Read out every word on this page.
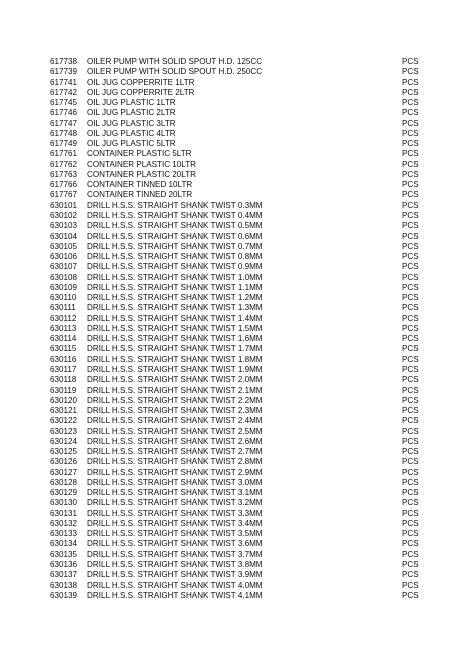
617738 OILER PUMP WITH SOLID SPOUT H.D. 125CC	PCS
617739 OILER PUMP WITH SOLID SPOUT H.D. 250CC	PCS
617741 OIL JUG COPPERRITE 1LTR	PCS
617742 OIL JUG COPPERRITE 2LTR	PCS
617745 OIL JUG PLASTIC 1LTR	PCS
617746 OIL JUG PLASTIC 2LTR	PCS
617747 OIL JUG PLASTIC 3LTR	PCS
617748 OIL JUG PLASTIC 4LTR	PCS
617749 OIL JUG PLASTIC 5LTR	PCS
617761 CONTAINER PLASTIC 5LTR	PCS
617762 CONTAINER PLASTIC 10LTR	PCS
617763 CONTAINER PLASTIC 20LTR	PCS
617766 CONTAINER TINNED 10LTR	PCS
617767 CONTAINER TINNED 20LTR	PCS
630101 DRILL H.S.S. STRAIGHT SHANK TWIST 0.3MM	PCS
630102 DRILL H.S.S. STRAIGHT SHANK TWIST 0.4MM	PCS
630103 DRILL H.S.S. STRAIGHT SHANK TWIST 0.5MM	PCS
630104 DRILL H.S.S. STRAIGHT SHANK TWIST 0.6MM	PCS
630105 DRILL H.S.S. STRAIGHT SHANK TWIST 0.7MM	PCS
630106 DRILL H.S.S. STRAIGHT SHANK TWIST 0.8MM	PCS
630107 DRILL H.S.S. STRAIGHT SHANK TWIST 0.9MM	PCS
630108 DRILL H.S.S. STRAIGHT SHANK TWIST 1.0MM	PCS
630109 DRILL H.S.S. STRAIGHT SHANK TWIST 1.1MM	PCS
630110 DRILL H.S.S. STRAIGHT SHANK TWIST 1.2MM	PCS
630111 DRILL H.S.S. STRAIGHT SHANK TWIST 1.3MM	PCS
630112 DRILL H.S.S. STRAIGHT SHANK TWIST 1.4MM	PCS
630113 DRILL H.S.S. STRAIGHT SHANK TWIST 1.5MM	PCS
630114 DRILL H.S.S. STRAIGHT SHANK TWIST 1.6MM	PCS
630115 DRILL H.S.S. STRAIGHT SHANK TWIST 1.7MM	PCS
630116 DRILL H.S.S. STRAIGHT SHANK TWIST 1.8MM	PCS
630117 DRILL H.S.S. STRAIGHT SHANK TWIST 1.9MM	PCS
630118 DRILL H.S.S. STRAIGHT SHANK TWIST 2.0MM	PCS
630119 DRILL H.S.S. STRAIGHT SHANK TWIST 2.1MM	PCS
630120 DRILL H.S.S. STRAIGHT SHANK TWIST 2.2MM	PCS
630121 DRILL H.S.S. STRAIGHT SHANK TWIST 2.3MM	PCS
630122 DRILL H.S.S. STRAIGHT SHANK TWIST 2.4MM	PCS
630123 DRILL H.S.S. STRAIGHT SHANK TWIST 2.5MM	PCS
630124 DRILL H.S.S. STRAIGHT SHANK TWIST 2.6MM	PCS
630125 DRILL H.S.S. STRAIGHT SHANK TWIST 2.7MM	PCS
630126 DRILL H.S.S. STRAIGHT SHANK TWIST 2.8MM	PCS
630127 DRILL H.S.S. STRAIGHT SHANK TWIST 2.9MM	PCS
630128 DRILL H.S.S. STRAIGHT SHANK TWIST 3.0MM	PCS
630129 DRILL H.S.S. STRAIGHT SHANK TWIST 3.1MM	PCS
630130 DRILL H.S.S. STRAIGHT SHANK TWIST 3.2MM	PCS
630131 DRILL H.S.S. STRAIGHT SHANK TWIST 3.3MM	PCS
630132 DRILL H.S.S. STRAIGHT SHANK TWIST 3.4MM	PCS
630133 DRILL H.S.S. STRAIGHT SHANK TWIST 3.5MM	PCS
630134 DRILL H.S.S. STRAIGHT SHANK TWIST 3.6MM	PCS
630135 DRILL H.S.S. STRAIGHT SHANK TWIST 3.7MM	PCS
630136 DRILL H.S.S. STRAIGHT SHANK TWIST 3.8MM	PCS
630137 DRILL H.S.S. STRAIGHT SHANK TWIST 3.9MM	PCS
630138 DRILL H.S.S. STRAIGHT SHANK TWIST 4.0MM	PCS
630139 DRILL H.S.S. STRAIGHT SHANK TWIST 4.1MM	PCS
